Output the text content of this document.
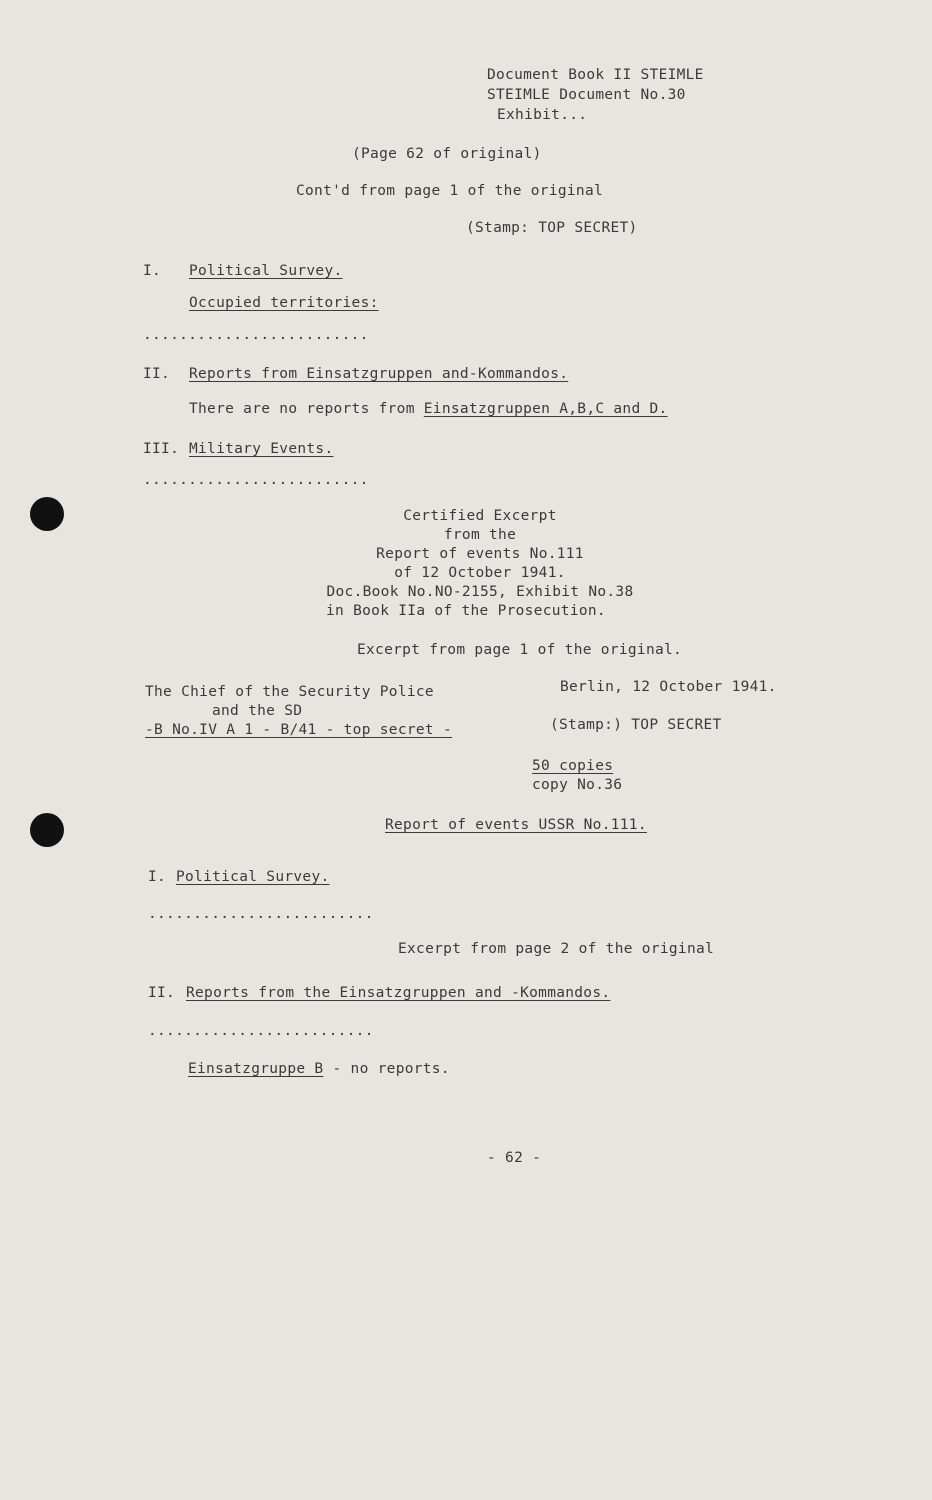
Document Book II STEIMLE
STEIMLE Document No.30
Exhibit...
(Page 62 of original)
Cont'd from page 1 of the original
(Stamp: TOP SECRET)
I. Political Survey.
Occupied territories:
.........................
II. Reports from Einsatzgruppen and-Kommandos.
There are no reports from Einsatzgruppen A,B,C and D.
III. Military Events.
.........................
Certified Excerpt
from the
Report of events No.111
of 12 October 1941.
Doc.Book No.NO-2155, Exhibit No.38
in Book IIa of the Prosecution.
Excerpt from page 1 of the original.
The Chief of the Security Police
and the SD
-B No.IV A 1 - B/41 - top secret -
Berlin, 12 October 1941.
(Stamp:) TOP SECRET
50 copies
copy No.36
Report of events USSR No.111.
I. Political Survey.
.........................
Excerpt from page 2 of the original
II. Reports from the Einsatzgruppen and -Kommandos.
.........................
Einsatzgruppe B - no reports.
- 62 -
